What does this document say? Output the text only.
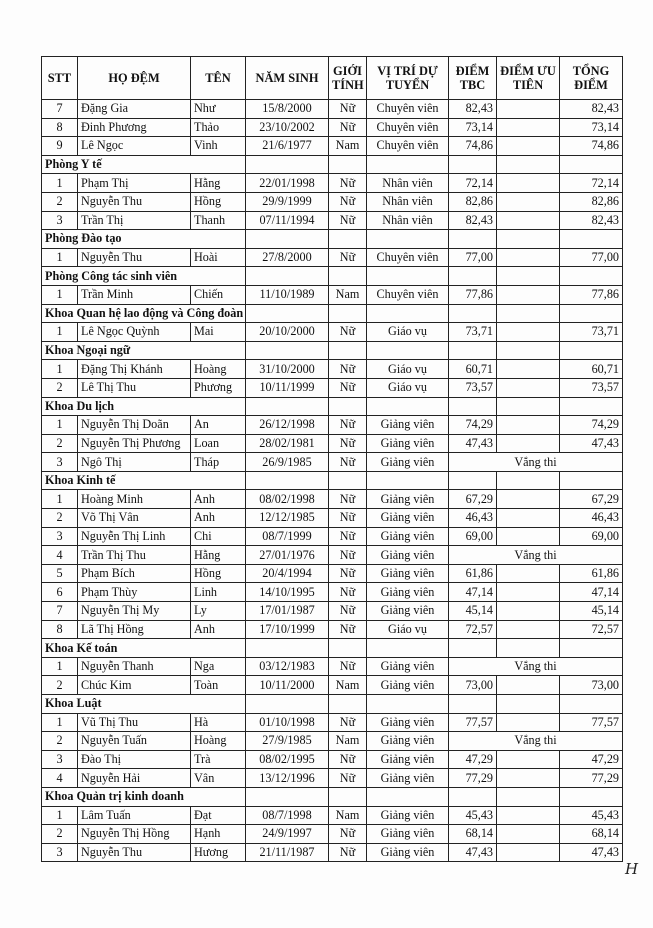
STT	HỌ ĐỆM	TÊN	NĂM SINH	GIỚI TÍNH	VỊ TRÍ DỰ TUYỂN	ĐIỂM TBC	ĐIỂM ƯU TIÊN	TỔNG ĐIỂM
7	Đặng Gia	Như	15/8/2000	Nữ	Chuyên viên	82,43		82,43
8	Đinh Phương	Thảo	23/10/2002	Nữ	Chuyên viên	73,14		73,14
9	Lê Ngọc	Vinh	21/6/1977	Nam	Chuyên viên	74,86		74,86
Phòng Y tế								
1	Phạm Thị	Hằng	22/01/1998	Nữ	Nhân viên	72,14		72,14
2	Nguyễn Thu	Hồng	29/9/1999	Nữ	Nhân viên	82,86		82,86
3	Trần Thị	Thanh	07/11/1994	Nữ	Nhân viên	82,43		82,43
Phòng Đào tạo								
1	Nguyễn Thu	Hoài	27/8/2000	Nữ	Chuyên viên	77,00		77,00
Phòng Công tác sinh viên								
1	Trần Minh	Chiến	11/10/1989	Nam	Chuyên viên	77,86		77,86
Khoa Quan hệ lao động và Công đoàn								
1	Lê Ngọc Quỳnh	Mai	20/10/2000	Nữ	Giáo vụ	73,71		73,71
Khoa Ngoại ngữ								
1	Đặng Thị Khánh	Hoàng	31/10/2000	Nữ	Giáo vụ	60,71		60,71
2	Lê Thị Thu	Phương	10/11/1999	Nữ	Giáo vụ	73,57		73,57
Khoa Du lịch								
1	Nguyễn Thị Doãn	An	26/12/1998	Nữ	Giảng viên	74,29		74,29
2	Nguyễn Thị Phương	Loan	28/02/1981	Nữ	Giảng viên	47,43		47,43
3	Ngô Thị	Tháp	26/9/1985	Nữ	Giảng viên	Vắng thi		
Khoa Kinh tế								
1	Hoàng Minh	Anh	08/02/1998	Nữ	Giảng viên	67,29		67,29
2	Võ Thị Vân	Anh	12/12/1985	Nữ	Giảng viên	46,43		46,43
3	Nguyễn Thị Linh	Chi	08/7/1999	Nữ	Giảng viên	69,00		69,00
4	Trần Thị Thu	Hằng	27/01/1976	Nữ	Giảng viên	Vắng thi		
5	Phạm Bích	Hồng	20/4/1994	Nữ	Giảng viên	61,86		61,86
6	Phạm Thùy	Linh	14/10/1995	Nữ	Giảng viên	47,14		47,14
7	Nguyễn Thị My	Ly	17/01/1987	Nữ	Giảng viên	45,14		45,14
8	Lã Thị Hồng	Anh	17/10/1999	Nữ	Giáo vụ	72,57		72,57
Khoa Kế toán								
1	Nguyễn Thanh	Nga	03/12/1983	Nữ	Giảng viên	Vắng thi		
2	Chúc Kim	Toàn	10/11/2000	Nam	Giảng viên	73,00		73,00
Khoa Luật								
1	Vũ Thị Thu	Hà	01/10/1998	Nữ	Giảng viên	77,57		77,57
2	Nguyễn Tuấn	Hoàng	27/9/1985	Nam	Giảng viên	Vắng thi		
3	Đào Thị	Trà	08/02/1995	Nữ	Giảng viên	47,29		47,29
4	Nguyễn Hải	Vân	13/12/1996	Nữ	Giảng viên	77,29		77,29
Khoa Quản trị kinh doanh								
1	Lâm Tuấn	Đạt	08/7/1998	Nam	Giảng viên	45,43		45,43
2	Nguyễn Thị Hồng	Hạnh	24/9/1997	Nữ	Giảng viên	68,14		68,14
3	Nguyễn Thu	Hương	21/11/1987	Nữ	Giảng viên	47,43		47,43
H
